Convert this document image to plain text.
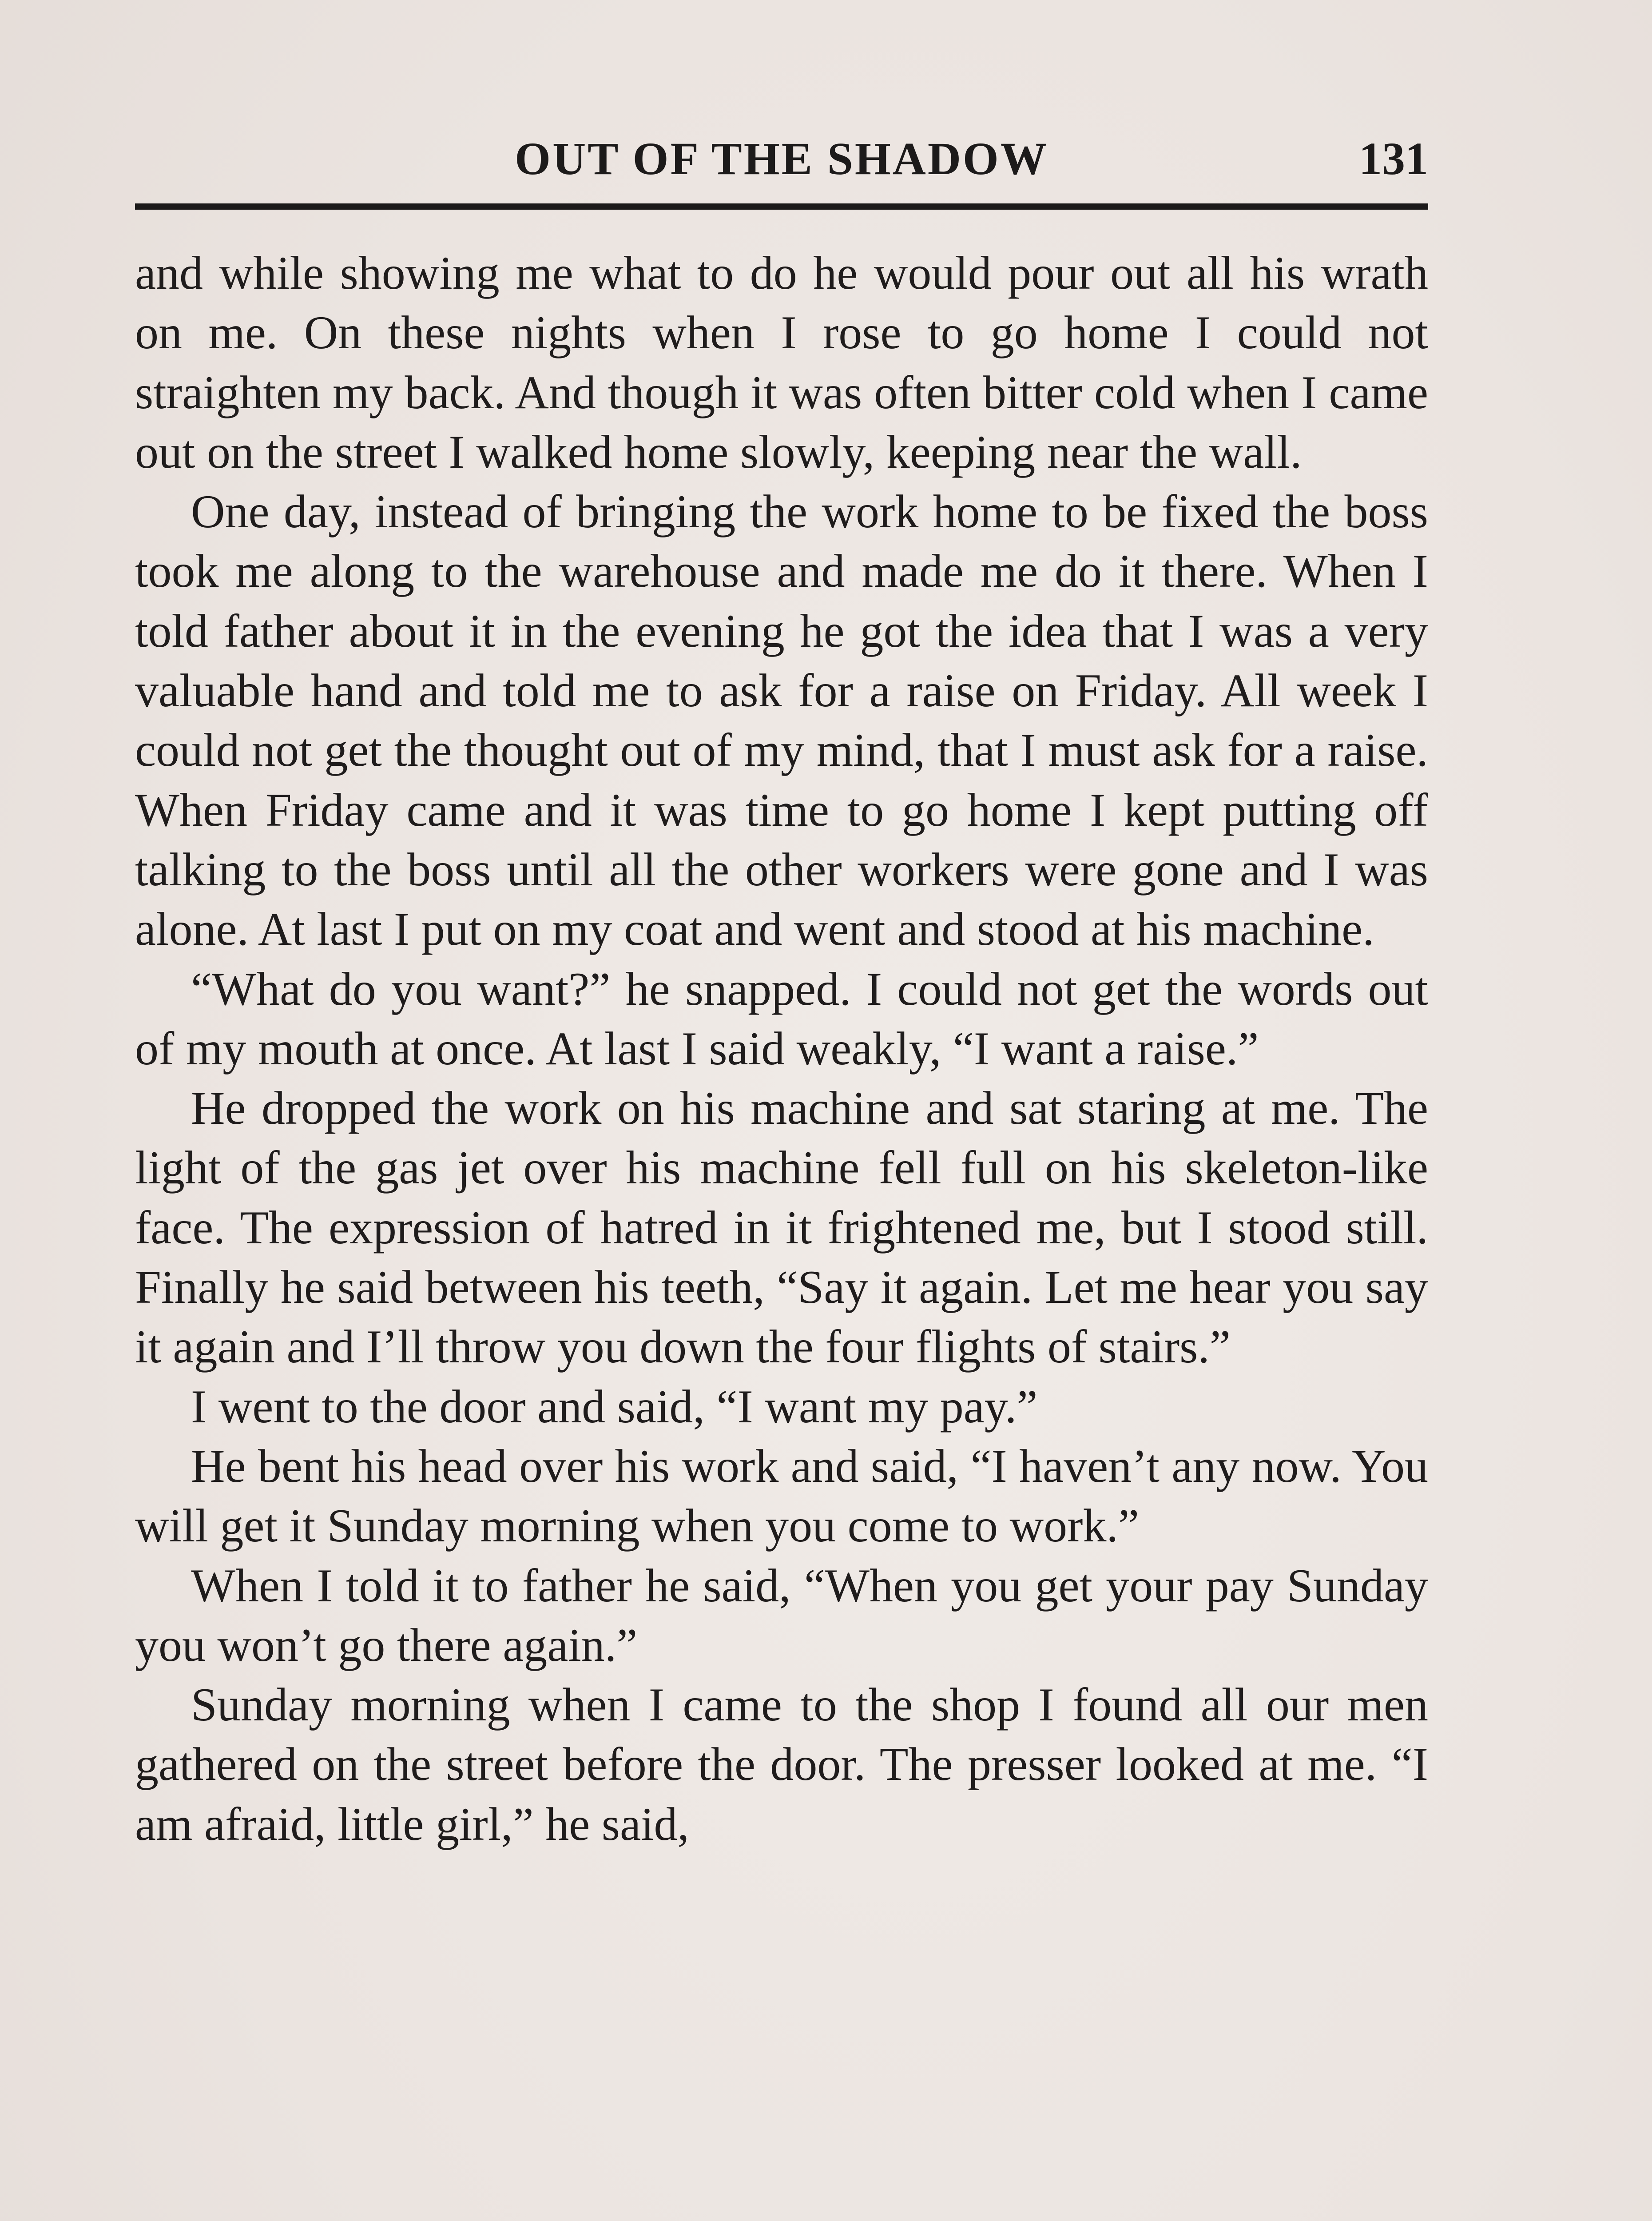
OUT OF THE SHADOW	131

and while showing me what to do he would pour out all his wrath on me. On these nights when I rose to go home I could not straighten my back. And though it was often bitter cold when I came out on the street I walked home slowly, keeping near the wall.

One day, instead of bringing the work home to be fixed the boss took me along to the warehouse and made me do it there. When I told father about it in the evening he got the idea that I was a very valuable hand and told me to ask for a raise on Friday. All week I could not get the thought out of my mind, that I must ask for a raise. When Friday came and it was time to go home I kept putting off talking to the boss until all the other workers were gone and I was alone. At last I put on my coat and went and stood at his machine.

“What do you want?” he snapped. I could not get the words out of my mouth at once. At last I said weakly, “I want a raise.”

He dropped the work on his machine and sat staring at me. The light of the gas jet over his machine fell full on his skeleton-like face. The expression of hatred in it frightened me, but I stood still. Finally he said between his teeth, “Say it again. Let me hear you say it again and I’ll throw you down the four flights of stairs.”

I went to the door and said, “I want my pay.”

He bent his head over his work and said, “I haven’t any now. You will get it Sunday morning when you come to work.”

When I told it to father he said, “When you get your pay Sunday you won’t go there again.”

Sunday morning when I came to the shop I found all our men gathered on the street before the door. The presser looked at me. “I am afraid, little girl,” he said,
